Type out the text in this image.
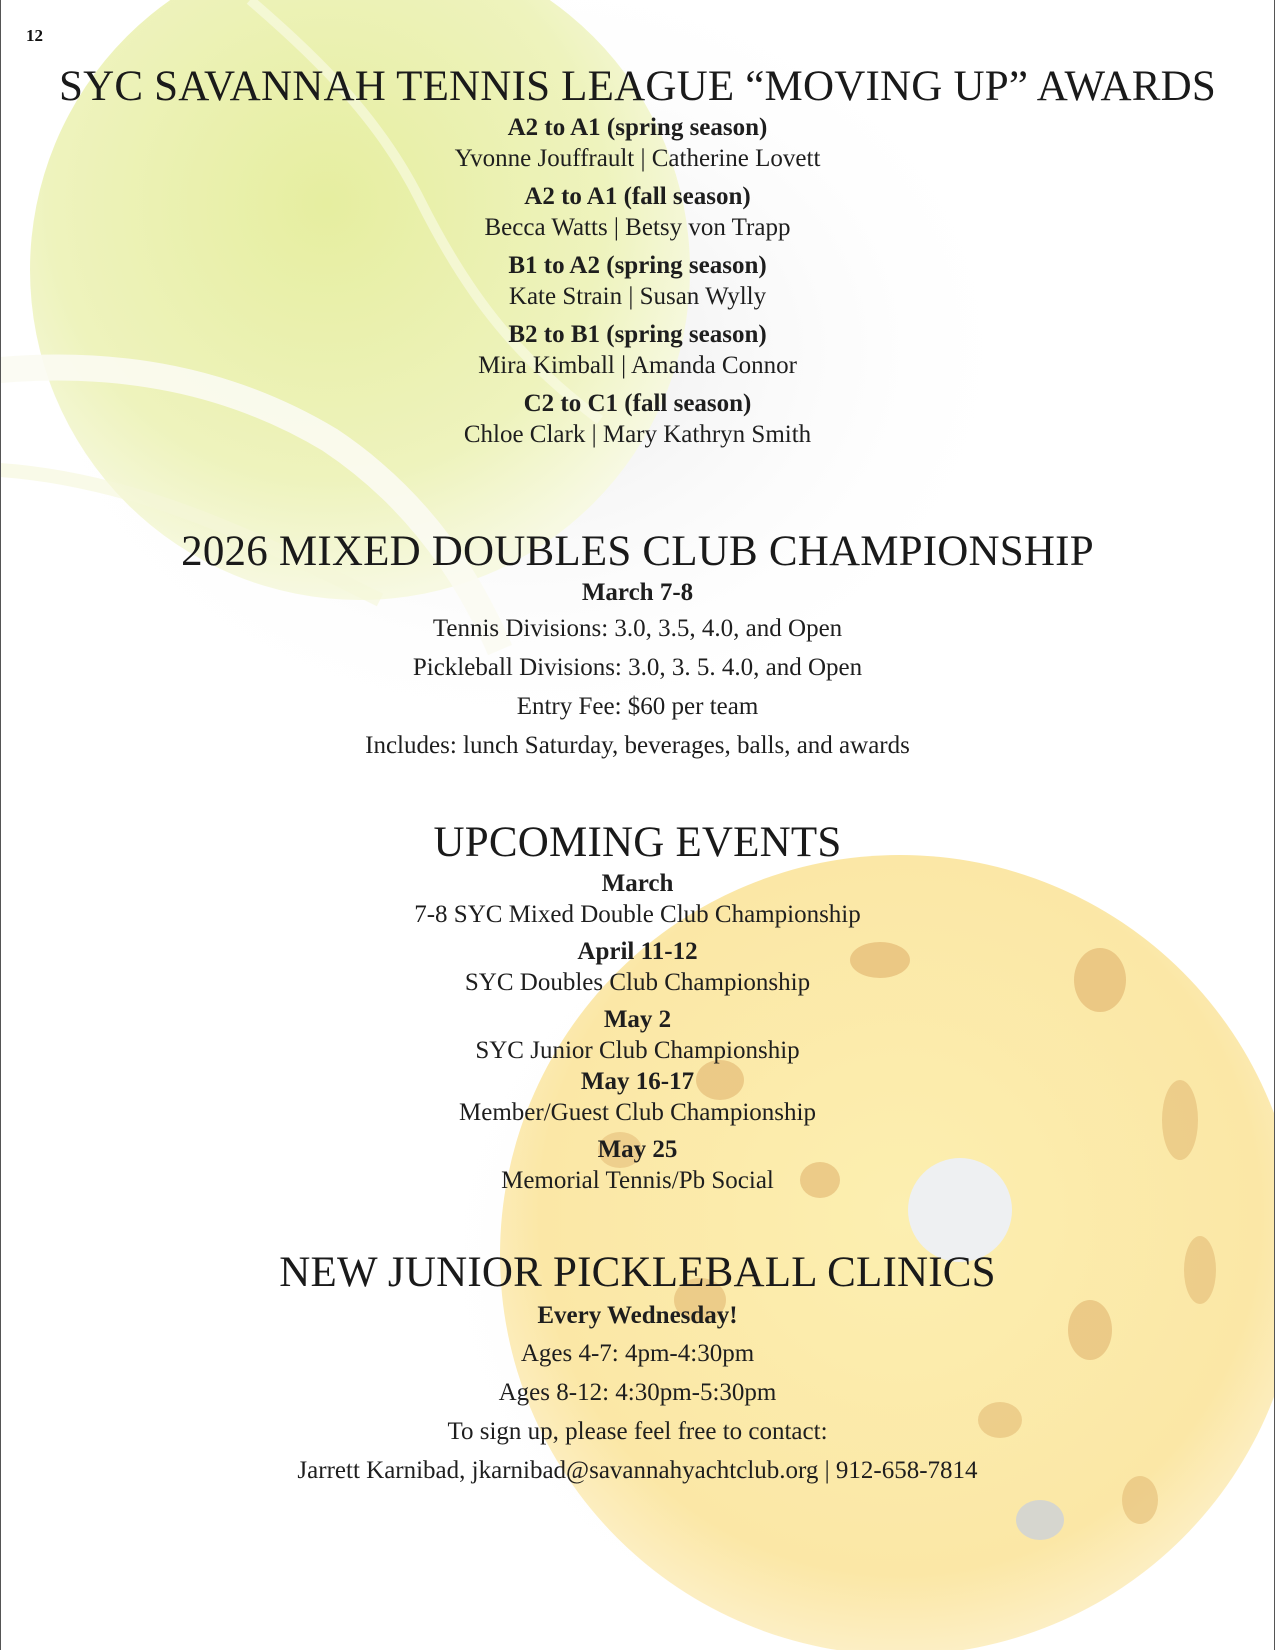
12
SYC SAVANNAH TENNIS LEAGUE “MOVING UP” AWARDS

A2 to A1 (spring season)

Yvonne Jouffrault | Catherine Lovett

A2 to A1 (fall season)

Becca Watts | Betsy von Trapp

B1 to A2 (spring season)

Kate Strain | Susan Wylly

B2 to B1 (spring season)

Mira Kimball | Amanda Connor

C2 to C1 (fall season)

Chloe Clark | Mary Kathryn Smith

2026 MIXED DOUBLES CLUB CHAMPIONSHIP

March 7-8

Tennis Divisions: 3.0, 3.5, 4.0, and Open

Pickleball Divisions: 3.0, 3. 5. 4.0, and Open

Entry Fee: $60 per team

Includes: lunch Saturday, beverages, balls, and awards

UPCOMING EVENTS

March

7-8 SYC Mixed Double Club Championship

April 11-12

SYC Doubles Club Championship

May 2

SYC Junior Club Championship

May 16-17

Member/Guest Club Championship

May 25

Memorial Tennis/Pb Social

NEW JUNIOR PICKLEBALL CLINICS

Every Wednesday!

Ages 4-7: 4pm-4:30pm

Ages 8-12: 4:30pm-5:30pm

To sign up, please feel free to contact:

Jarrett Karnibad, jkarnibad@savannahyachtclub.org | 912-658-7814
